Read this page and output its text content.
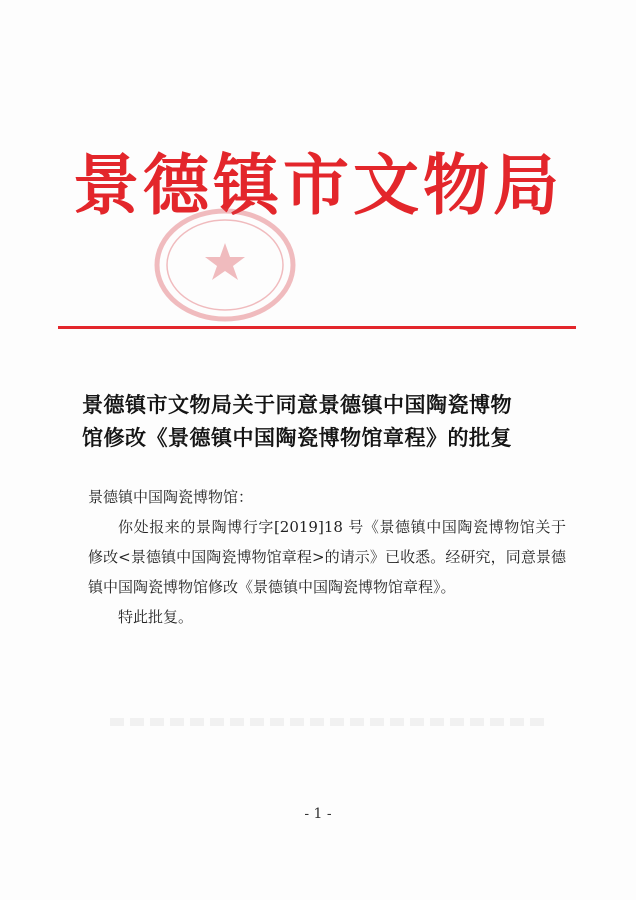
景德镇市文物局
景德镇市文物局关于同意景德镇中国陶瓷博物
馆修改《景德镇中国陶瓷博物馆章程》的批复
景德镇中国陶瓷博物馆：

你处报来的景陶博行字[2019]18 号《景德镇中国陶瓷博物馆关于修改<景德镇中国陶瓷博物馆章程>的请示》已收悉。经研究，同意景德镇中国陶瓷博物馆修改《景德镇中国陶瓷博物馆章程》。

特此批复。

- 1 -
